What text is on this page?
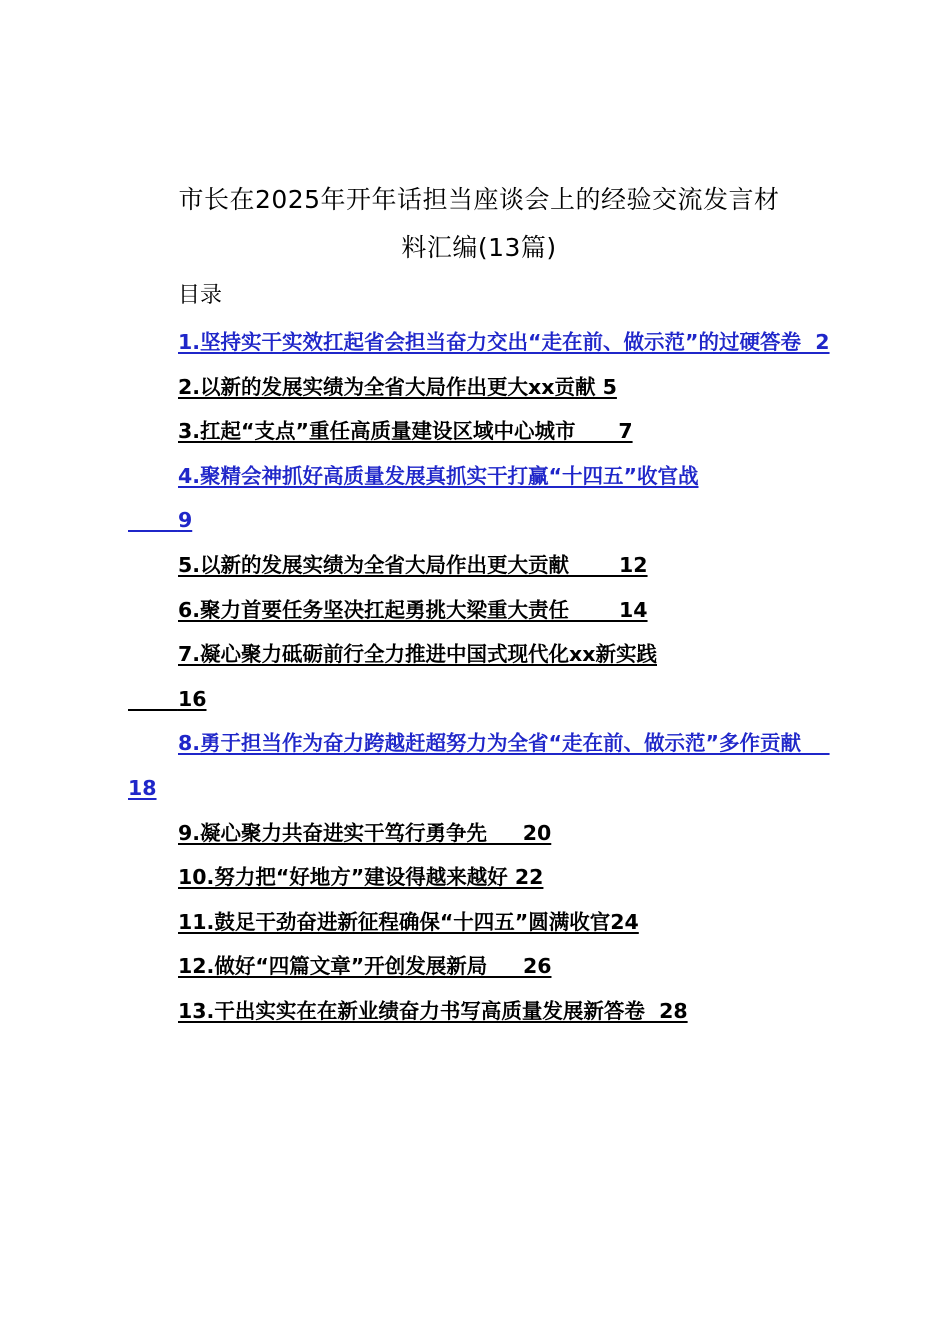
市长在2025年开年话担当座谈会上的经验交流发言材
料汇编(13篇)
目录
1.坚持实干实效扛起省会担当奋力交出“走在前、做示范”的过硬答卷  2
2.以新的发展实绩为全省大局作出更大xx贡献 5
3.扛起“支点”重任高质量建设区域中心城市      7
4.聚精会神抓好高质量发展真抓实干打赢“十四五”收官战
9
5.以新的发展实绩为全省大局作出更大贡献       12
6.聚力首要任务坚决扛起勇挑大梁重大责任       14
7.凝心聚力砥砺前行全力推进中国式现代化xx新实践
16
8.勇于担当作为奋力跨越赶超努力为全省“走在前、做示范”多作贡献    18
9.凝心聚力共奋进实干笃行勇争先     20
10.努力把“好地方”建设得越来越好 22
11.鼓足干劲奋进新征程确保“十四五”圆满收官24
12.做好“四篇文章”开创发展新局     26
13.干出实实在在新业绩奋力书写高质量发展新答卷  28
